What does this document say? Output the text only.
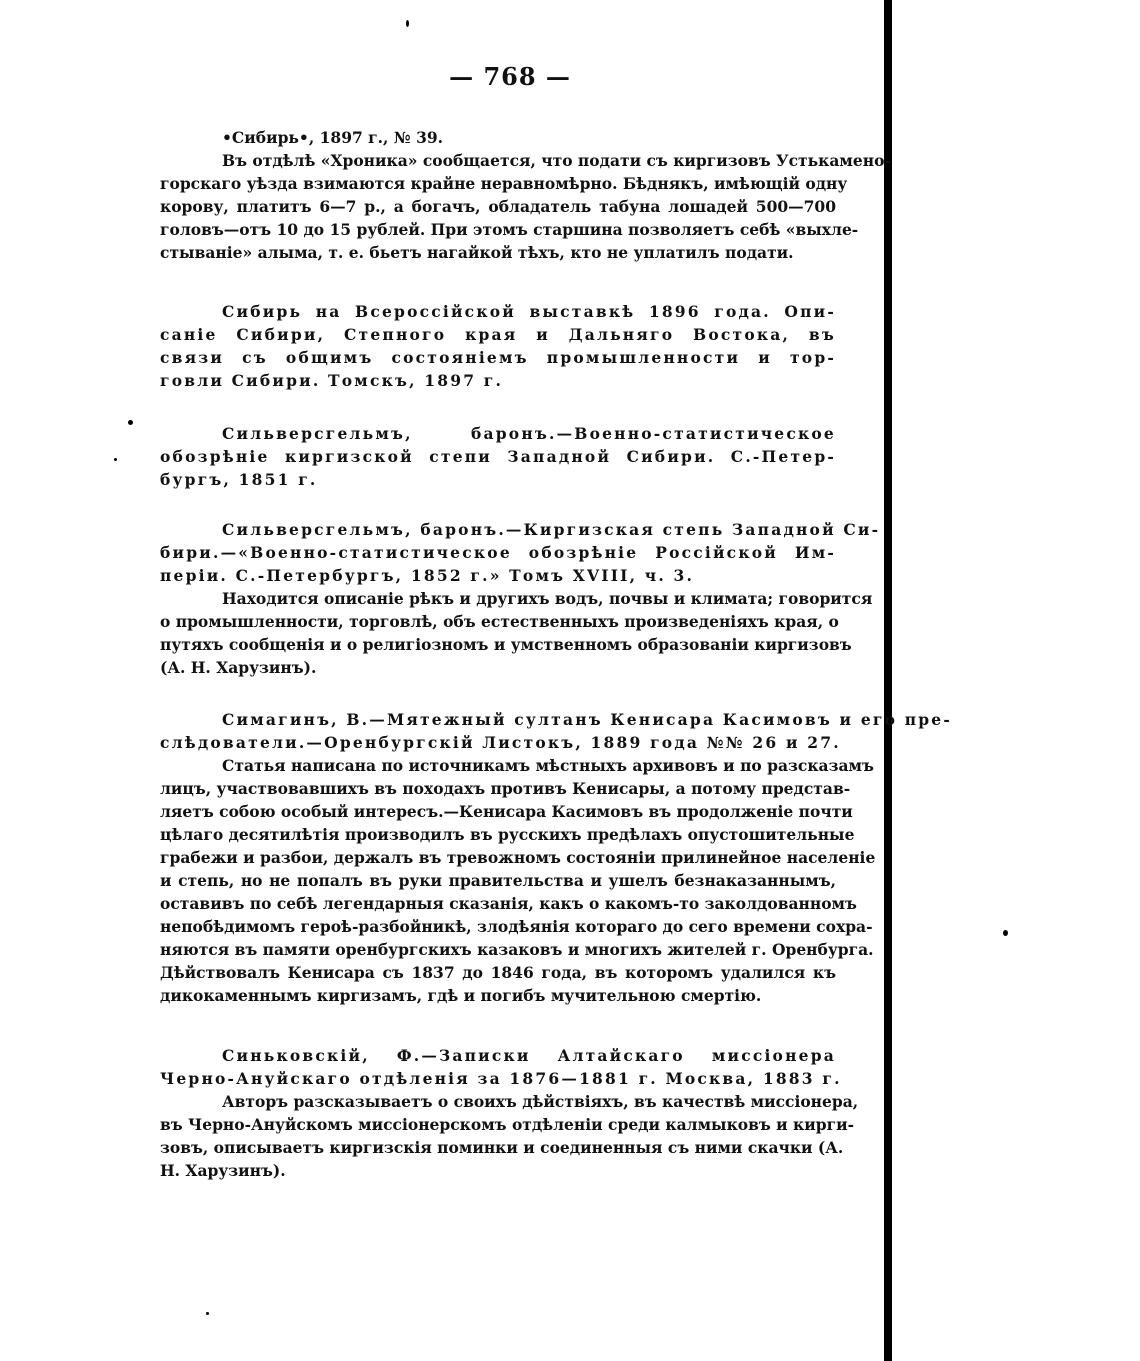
— 768 —
•Сибирь•, 1897 г., № 39.
Въ отдѣлѣ «Хроника» сообщается, что подати съ киргизовъ Устькамено-
горскаго уѣзда взимаются крайне неравномѣрно. Бѣднякъ, имѣющій одну
корову, платитъ 6—7 р., а богачъ, обладатель табуна лошадей 500—700
головъ—отъ 10 до 15 рублей. При этомъ старшина позволяетъ себѣ «выхле-
стываніе» алыма, т. е. бьетъ нагайкой тѣхъ, кто не уплатилъ подати.
Сибирь на Всероссійской выставкѣ 1896 года. Опи-
саніе Сибири, Степного края и Дальняго Востока, въ
связи съ общимъ состояніемъ промышленности и тор-
говли Сибири. Томскъ, 1897 г.
Сильверсгельмъ, баронъ.—Военно-статистическое
обозрѣніе киргизской степи Западной Сибири. С.-Петер-
бургъ, 1851 г.
Сильверсгельмъ, баронъ.—Киргизская степь Западной Си-
бири.—«Военно-статистическое обозрѣніе Россійской Им-
періи. С.-Петербургъ, 1852 г.» Томъ XVIII, ч. 3.
Находится описаніе рѣкъ и другихъ водъ, почвы и климата; говорится
о промышленности, торговлѣ, объ естественныхъ произведеніяхъ края, о
путяхъ сообщенія и о религіозномъ и умственномъ образованіи киргизовъ
(А. Н. Харузинъ).
Симагинъ, В.—Мятежный султанъ Кенисара Касимовъ и его пре-
слѣдователи.—Оренбургскій Листокъ, 1889 года №№ 26 и 27.
Статья написана по источникамъ мѣстныхъ архивовъ и по разсказамъ
лицъ, участвовавшихъ въ походахъ противъ Кенисары, а потому представ-
ляетъ собою особый интересъ.—Кенисара Касимовъ въ продолженіе почти
цѣлаго десятилѣтія производилъ въ русскихъ предѣлахъ опустошительные
грабежи и разбои, держалъ въ тревожномъ состояніи прилинейное населеніе
и степь, но не попалъ въ руки правительства и ушелъ безнаказаннымъ,
оставивъ по себѣ легендарныя сказанія, какъ о какомъ-то заколдованномъ
непобѣдимомъ героѣ-разбойникѣ, злодѣянія котораго до сего времени сохра-
няются въ памяти оренбургскихъ казаковъ и многихъ жителей г. Оренбурга.
Дѣйствовалъ Кенисара съ 1837 до 1846 года, въ которомъ удалился къ
дикокаменнымъ киргизамъ, гдѣ и погибъ мучительною смертію.
Синьковскій, Ф.—Записки Алтайскаго миссіонера
Черно-Ануйскаго отдѣленія за 1876—1881 г. Москва, 1883 г.
Авторъ разсказываетъ о своихъ дѣйствіяхъ, въ качествѣ миссіонера,
въ Черно-Ануйскомъ миссіонерскомъ отдѣленіи среди калмыковъ и кирги-
зовъ, описываетъ киргизскія поминки и соединенныя съ ними скачки (А.
Н. Харузинъ).
